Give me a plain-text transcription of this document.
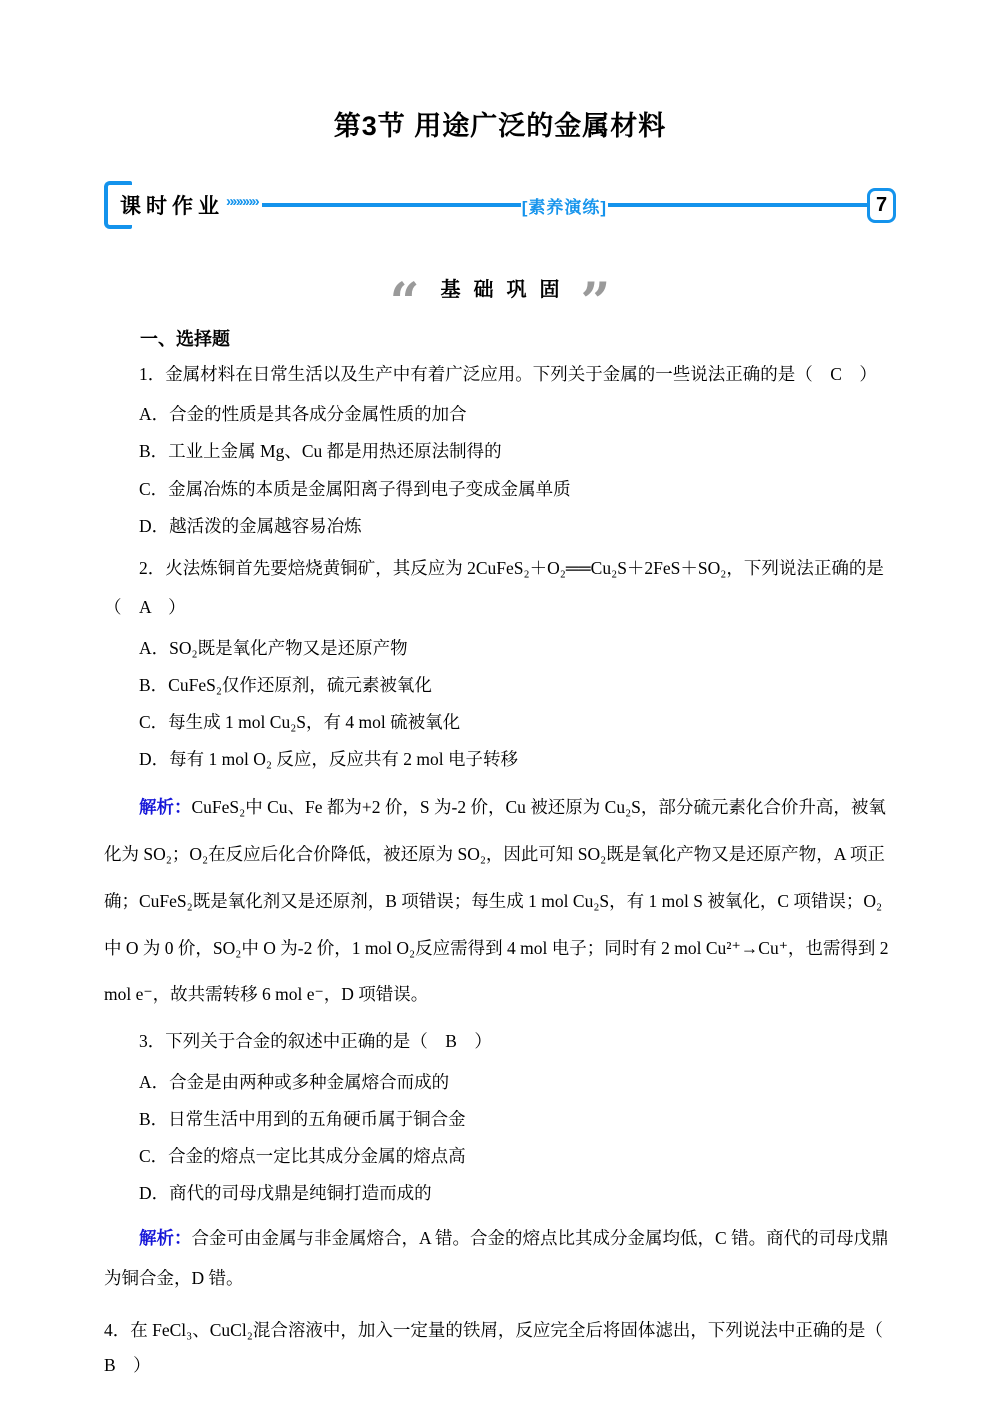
第3节 用途广泛的金属材料
课时作业 »»»»»	[素养演练]	7
“ 基础巩固 ”

一、选择题

1．金属材料在日常生活以及生产中有着广泛应用。下列关于金属的一些说法正确的是（　C　）

A．合金的性质是其各成分金属性质的加合

B．工业上金属 Mg、Cu 都是用热还原法制得的

C．金属冶炼的本质是金属阳离子得到电子变成金属单质

D．越活泼的金属越容易冶炼

2．火法炼铜首先要焙烧黄铜矿，其反应为 2CuFeS₂＋O₂══Cu₂S＋2FeS＋SO₂，下列说法正确的是（　A　）

A．SO₂既是氧化产物又是还原产物

B．CuFeS₂仅作还原剂，硫元素被氧化

C．每生成 1 mol Cu₂S，有 4 mol 硫被氧化

D．每有 1 mol O₂ 反应，反应共有 2 mol 电子转移

解析：CuFeS₂中 Cu、Fe 都为+2 价，S 为-2 价，Cu 被还原为 Cu₂S，部分硫元素化合价升高，被氧化为 SO₂；O₂在反应后化合价降低，被还原为 SO₂，因此可知 SO₂既是氧化产物又是还原产物，A 项正确；CuFeS₂既是氧化剂又是还原剂，B 项错误；每生成 1 mol Cu₂S，有 1 mol S 被氧化，C 项错误；O₂中 O 为 0 价，SO₂中 O 为-2 价，1 mol O₂反应需得到 4 mol 电子；同时有 2 mol Cu²⁺→Cu⁺，也需得到 2 mol e⁻，故共需转移 6 mol e⁻，D 项错误。

3．下列关于合金的叙述中正确的是（　B　）

A．合金是由两种或多种金属熔合而成的

B．日常生活中用到的五角硬币属于铜合金

C．合金的熔点一定比其成分金属的熔点高

D．商代的司母戊鼎是纯铜打造而成的

解析：合金可由金属与非金属熔合，A 错。合金的熔点比其成分金属均低，C 错。商代的司母戊鼎为铜合金，D 错。

4．在 FeCl₃、CuCl₂混合溶液中，加入一定量的铁屑，反应完全后将固体滤出，下列说法中正确的是（　B　）
